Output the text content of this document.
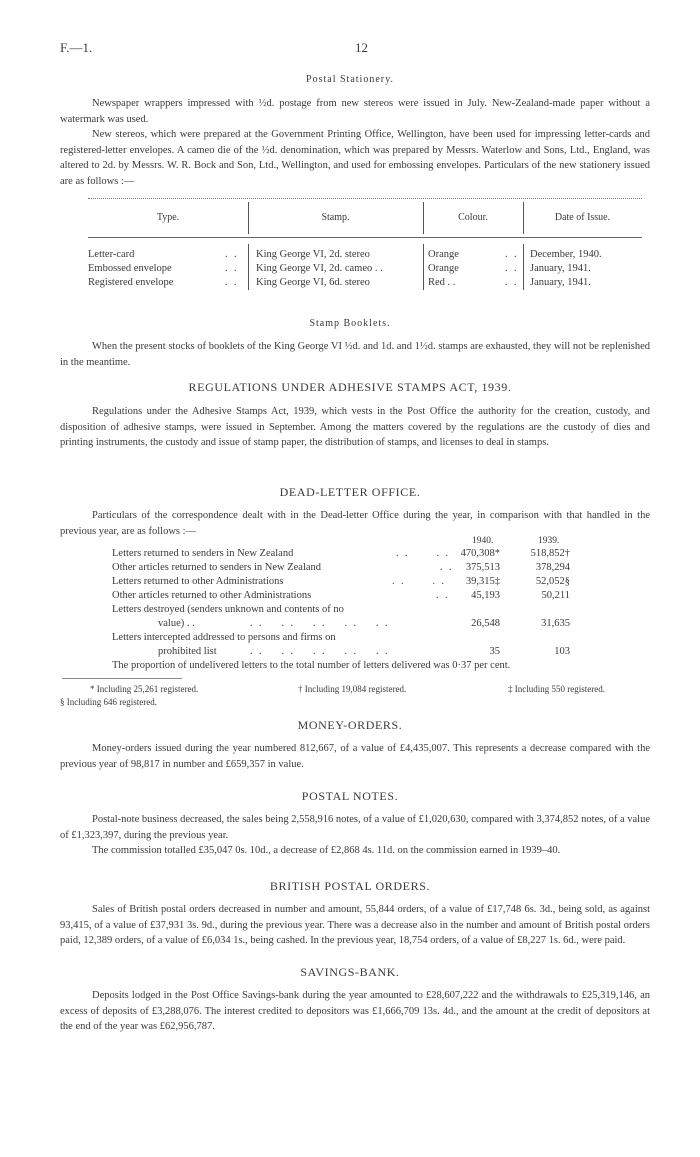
F.—1.	12
Postal Stationery.

Newspaper wrappers impressed with ½d. postage from new stereos were issued in July. New-Zealand-made paper without a watermark was used.

New stereos, which were prepared at the Government Printing Office, Wellington, have been used for impressing letter-cards and registered-letter envelopes. A cameo die of the ½d. denomination, which was prepared by Messrs. Waterlow and Sons, Ltd., England, was altered to 2d. by Messrs. W. R. Bock and Son, Ltd., Wellington, and used for embossing envelopes. Particulars of the new stationery issued are as follows :—

Type.	Stamp.	Colour.	Date of Issue.
Letter-card	. . King George VI, 2d. stereo	Orange	. . December, 1940.
Embossed envelope	. . King George VI, 2d. cameo . .	Orange	. . January, 1941.
Registered envelope	. . King George VI, 6d. stereo	Red . .	. . January, 1941.
Stamp Booklets.

When the present stocks of booklets of the King George VI ½d. and 1d. and 1½d. stamps are exhausted, they will not be replenished in the meantime.

REGULATIONS UNDER ADHESIVE STAMPS ACT, 1939.

Regulations under the Adhesive Stamps Act, 1939, which vests in the Post Office the authority for the creation, custody, and disposition of adhesive stamps, were issued in September. Among the matters covered by the regulations are the custody of dies and printing instruments, the custody and issue of stamp paper, the distribution of stamps, and licenses to deal in stamps.

DEAD-LETTER OFFICE.

Particulars of the correspondence dealt with in the Dead-letter Office during the year, in comparison with that handled in the previous year, are as follows :—

1940.	1939.
Letters returned to senders in New Zealand	. .      . .	470,308*	518,852†
Other articles returned to senders in New Zealand	. .	375,513	378,294
Letters returned to other Administrations	. .      . .	39,315‡	52,052§
Other articles returned to other Administrations	. .	45,193	50,211
Letters destroyed (senders unknown and contents of no
value) . .	. .    . .    . .    . .    . .	26,548	31,635
Letters intercepted addressed to persons and firms on
prohibited list	. .    . .    . .    . .    . .	35	103
The proportion of undelivered letters to the total number of letters delivered was 0·37 per cent.
* Including 25,261 registered.	† Including 19,084 registered.	‡ Including 550 registered.
§ Including 646 registered.
MONEY-ORDERS.

Money-orders issued during the year numbered 812,667, of a value of £4,435,007. This represents a decrease compared with the previous year of 98,817 in number and £659,357 in value.

POSTAL NOTES.

Postal-note business decreased, the sales being 2,558,916 notes, of a value of £1,020,630, compared with 3,374,852 notes, of a value of £1,323,397, during the previous year.

The commission totalled £35,047 0s. 10d., a decrease of £2,868 4s. 11d. on the commission earned in 1939–40.

BRITISH POSTAL ORDERS.

Sales of British postal orders decreased in number and amount, 55,844 orders, of a value of £17,748 6s. 3d., being sold, as against 93,415, of a value of £37,931 3s. 9d., during the previous year. There was a decrease also in the number and amount of British postal orders paid, 12,389 orders, of a value of £6,034 1s., being cashed. In the previous year, 18,754 orders, of a value of £8,227 1s. 6d., were paid.

SAVINGS-BANK.

Deposits lodged in the Post Office Savings-bank during the year amounted to £28,607,222 and the withdrawals to £25,319,146, an excess of deposits of £3,288,076. The interest credited to depositors was £1,666,709 13s. 4d., and the amount at the credit of depositors at the end of the year was £62,956,787.
